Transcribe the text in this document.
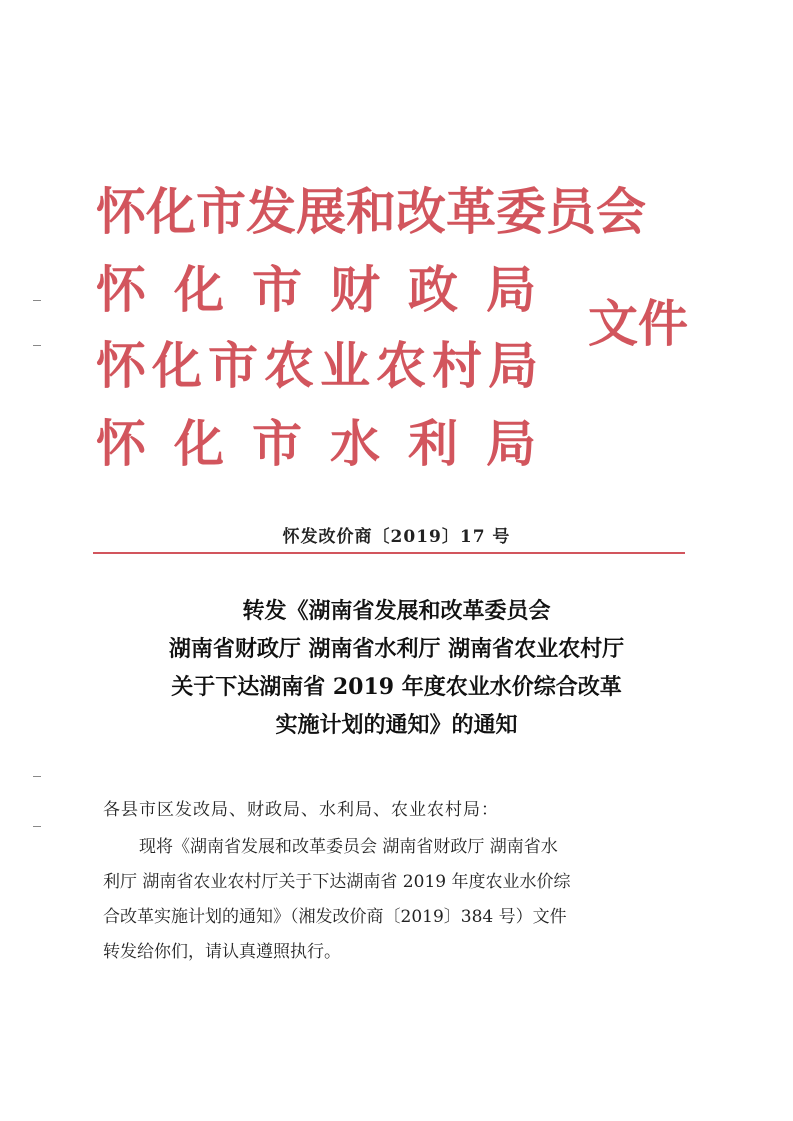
怀化市发展和改革委员会
怀化市财政局
怀化市农业农村局
怀化市水利局
文件
怀发改价商〔2019〕17 号
转发《湖南省发展和改革委员会
湖南省财政厅 湖南省水利厅 湖南省农业农村厅
关于下达湖南省 2019 年度农业水价综合改革
实施计划的通知》的通知
各县市区发改局、财政局、水利局、农业农村局：
现将《湖南省发展和改革委员会 湖南省财政厅 湖南省水
利厅 湖南省农业农村厅关于下达湖南省 2019 年度农业水价综
合改革实施计划的通知》（湘发改价商〔2019〕384 号）文件
转发给你们，请认真遵照执行。
